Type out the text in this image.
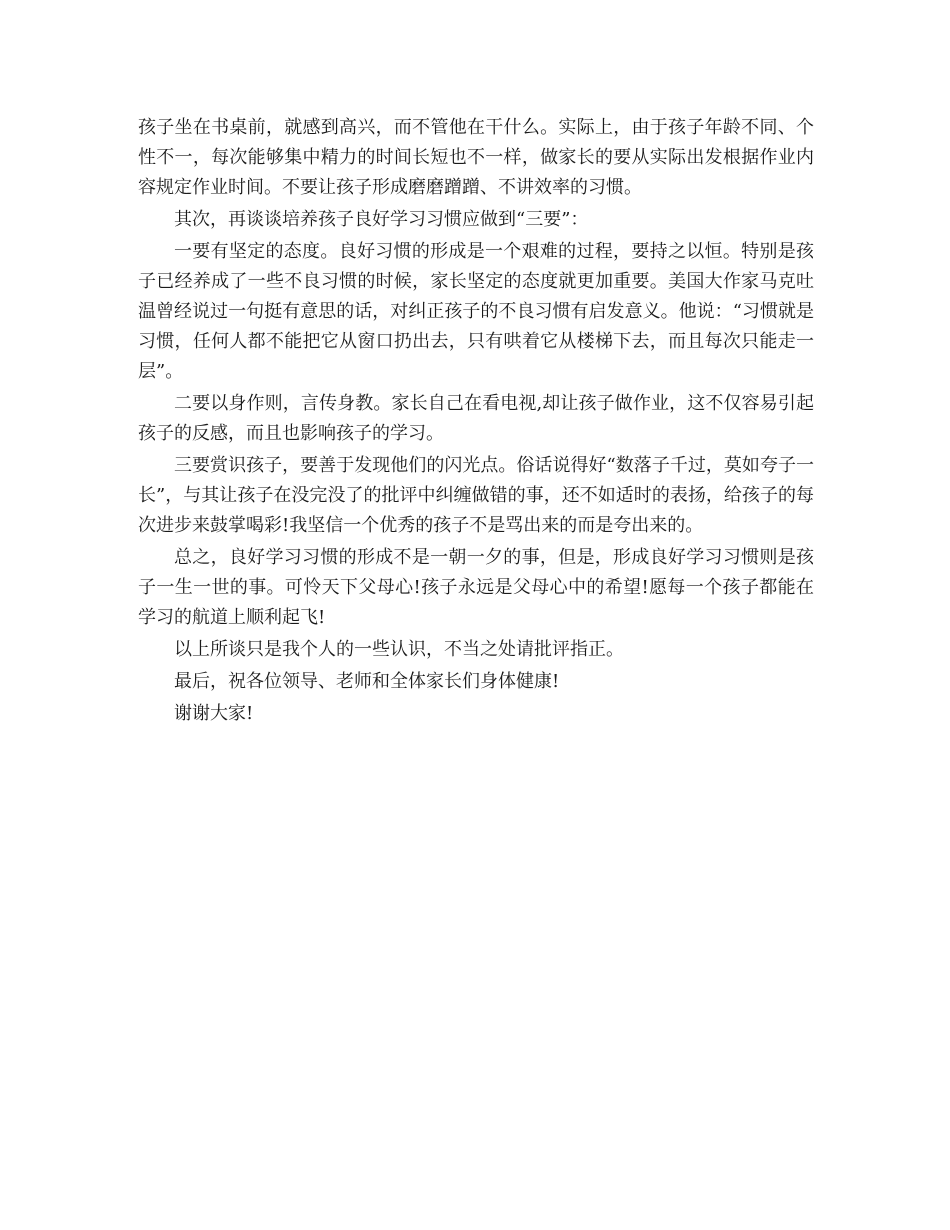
孩子坐在书桌前，就感到高兴，而不管他在干什么。实际上，由于孩子年龄不同、个性不一，每次能够集中精力的时间长短也不一样，做家长的要从实际出发根据作业内容规定作业时间。不要让孩子形成磨磨蹭蹭、不讲效率的习惯。

其次，再谈谈培养孩子良好学习习惯应做到“三要”：

一要有坚定的态度。良好习惯的形成是一个艰难的过程，要持之以恒。特别是孩子已经养成了一些不良习惯的时候，家长坚定的态度就更加重要。美国大作家马克吐温曾经说过一句挺有意思的话，对纠正孩子的不良习惯有启发意义。他说：“习惯就是习惯，任何人都不能把它从窗口扔出去，只有哄着它从楼梯下去，而且每次只能走一层”。

二要以身作则，言传身教。家长自己在看电视,却让孩子做作业，这不仅容易引起孩子的反感，而且也影响孩子的学习。

三要赏识孩子，要善于发现他们的闪光点。俗话说得好“数落子千过，莫如夸子一长”，与其让孩子在没完没了的批评中纠缠做错的事，还不如适时的表扬，给孩子的每次进步来鼓掌喝彩!我坚信一个优秀的孩子不是骂出来的而是夸出来的。

总之，良好学习习惯的形成不是一朝一夕的事，但是，形成良好学习习惯则是孩子一生一世的事。可怜天下父母心!孩子永远是父母心中的希望!愿每一个孩子都能在学习的航道上顺利起飞!

以上所谈只是我个人的一些认识，不当之处请批评指正。

最后，祝各位领导、老师和全体家长们身体健康!

谢谢大家!
